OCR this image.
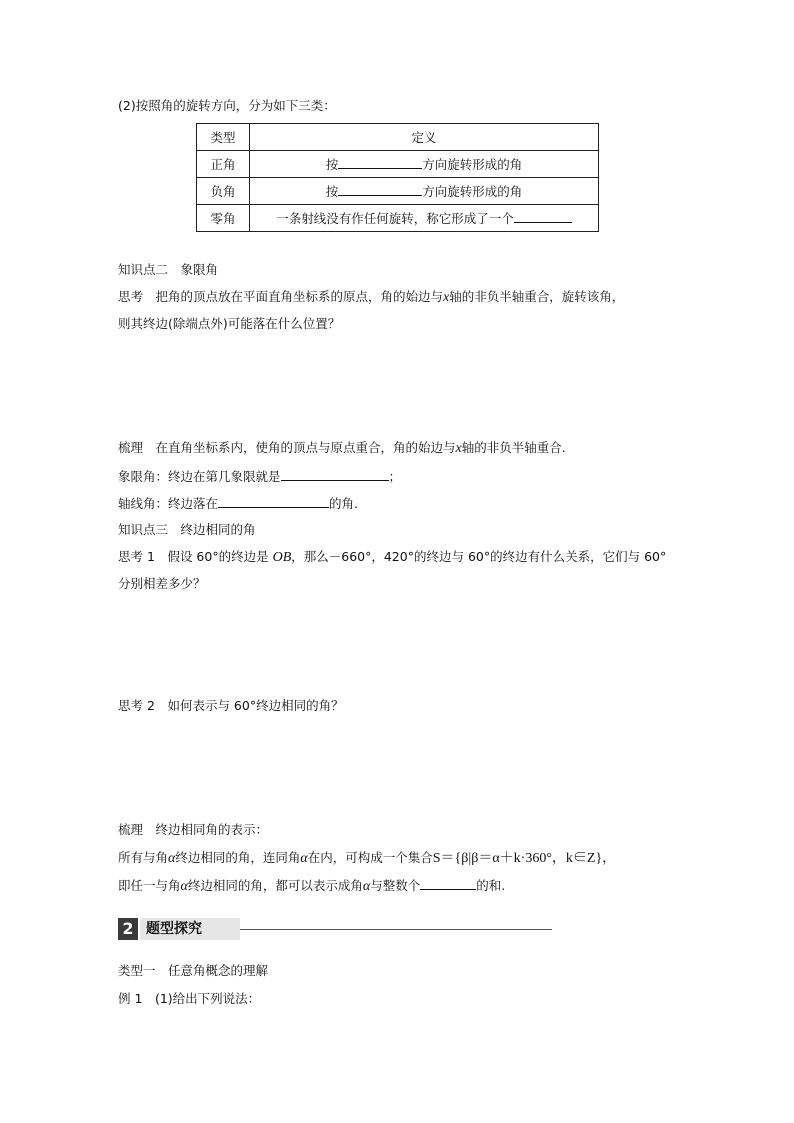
(2)按照角的旋转方向，分为如下三类：
类型	定义
正角	按 方向旋转形成的角
负角	按 方向旋转形成的角
零角	一条射线没有作任何旋转，称它形成了一个
知识点二　象限角
思考　 把角的顶点放在平面直角坐标系的原点，角的始边与x轴的非负半轴重合，旋转该角，
则其终边(除端点外)可能落在什么位置？
梳理　在直角坐标系内，使角的顶点与原点重合，角的始边与x轴的非负半轴重合.
象限角：终边在第几象限就是	；
轴线角：终边落在	的角.
知识点三　终边相同的角
思考 1　 假设 60°的终边是 OB，那么－660°，420°的终边与 60°的终边有什么关系，它们与 60°
分别相差多少？
思考 2　 如何表示与 60°终边相同的角？
梳理　终边相同角的表示：
所有与角α终边相同的角，连同角α在内，可构成一个集合S＝{β|β＝α＋k·360°，k∈Z}，
即任一与角α终边相同的角，都可以表示成角α与整数个	的和.
2 题型探究
类型一　任意角概念的理解
例 1　 (1)给出下列说法：
